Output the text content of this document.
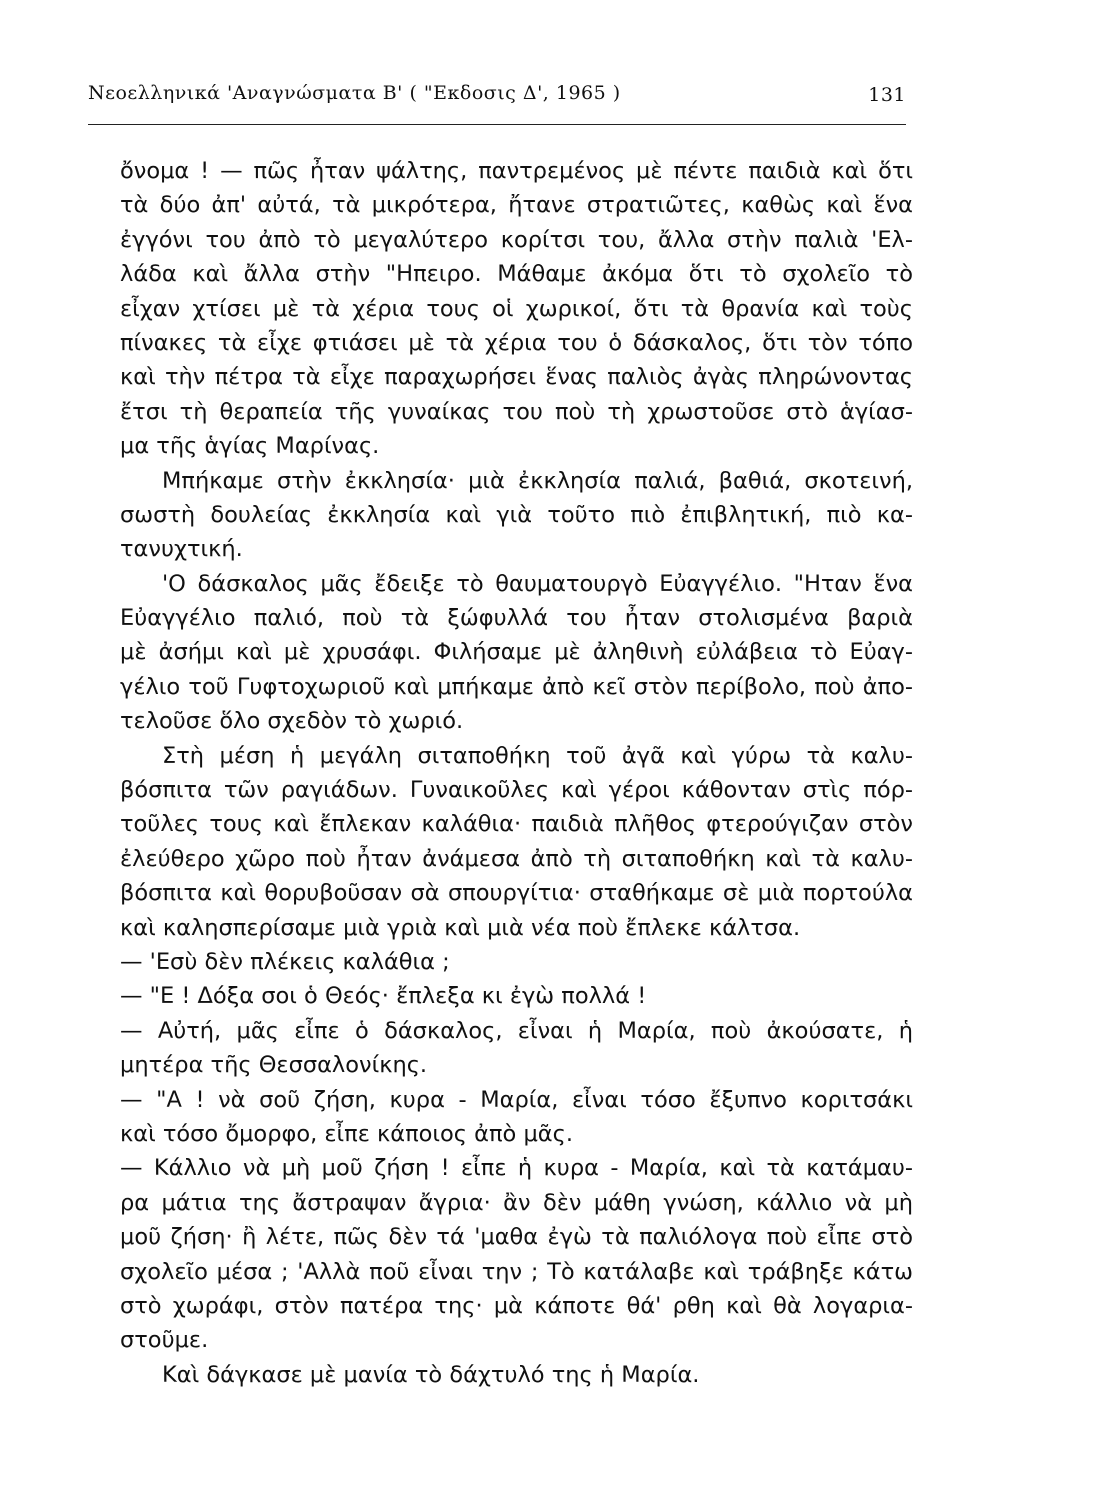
Νεοελληνικά 'Αναγνώσματα Β' ( "Εκδοσις Δ', 1965 )	131
ὄνομα ! — πῶς ἦταν ψάλτης, παντρεμένος μὲ πέντε παιδιὰ καὶ ὅτι
τὰ δύο ἀπ' αὐτά, τὰ μικρότερα, ἤτανε στρατιῶτες, καθὼς καὶ ἕνα
ἐγγόνι του ἀπὸ τὸ μεγαλύτερο κορίτσι του, ἄλλα στὴν παλιὰ 'Ελ-
λάδα καὶ ἄλλα στὴν "Ηπειρο. Μάθαμε ἀκόμα ὅτι τὸ σχολεῖο τὸ
εἶχαν χτίσει μὲ τὰ χέρια τους οἱ χωρικοί, ὅτι τὰ θρανία καὶ τοὺς
πίνακες τὰ εἶχε φτιάσει μὲ τὰ χέρια του ὁ δάσκαλος, ὅτι τὸν τόπο
καὶ τὴν πέτρα τὰ εἶχε παραχωρήσει ἕνας παλιὸς ἀγὰς πληρώνοντας
ἔτσι τὴ θεραπεία τῆς γυναίκας του ποὺ τὴ χρωστοῦσε στὸ ἁγίασ-
μα τῆς ἁγίας Μαρίνας.
Μπήκαμε στὴν ἐκκλησία· μιὰ ἐκκλησία παλιά, βαθιά, σκοτεινή,
σωστὴ δουλείας ἐκκλησία καὶ γιὰ τοῦτο πιὸ ἐπιβλητική, πιὸ κα-
τανυχτική.
'Ο δάσκαλος μᾶς ἔδειξε τὸ θαυματουργὸ Εὐαγγέλιο. "Ηταν ἕνα
Εὐαγγέλιο παλιό, ποὺ τὰ ξώφυλλά του ἦταν στολισμένα βαριὰ
μὲ ἀσήμι καὶ μὲ χρυσάφι. Φιλήσαμε μὲ ἀληθινὴ εὐλάβεια τὸ Εὐαγ-
γέλιο τοῦ Γυφτοχωριοῦ καὶ μπήκαμε ἀπὸ κεῖ στὸν περίβολο, ποὺ ἀπο-
τελοῦσε ὅλο σχεδὸν τὸ χωριό.
Στὴ μέση ἡ μεγάλη σιταποθήκη τοῦ ἀγᾶ καὶ γύρω τὰ καλυ-
βόσπιτα τῶν ραγιάδων. Γυναικοῦλες καὶ γέροι κάθονταν στὶς πόρ-
τοῦλες τους καὶ ἔπλεκαν καλάθια· παιδιὰ πλῆθος φτερούγιζαν στὸν
ἐλεύθερο χῶρο ποὺ ἦταν ἀνάμεσα ἀπὸ τὴ σιταποθήκη καὶ τὰ καλυ-
βόσπιτα καὶ θορυβοῦσαν σὰ σπουργίτια· σταθήκαμε σὲ μιὰ πορτούλα
καὶ καλησπερίσαμε μιὰ γριὰ καὶ μιὰ νέα ποὺ ἔπλεκε κάλτσα.
— 'Εσὺ δὲν πλέκεις καλάθια ;
— "Ε ! Δόξα σοι ὁ Θεός· ἔπλεξα κι ἐγὼ πολλά !
— Αὐτή, μᾶς εἶπε ὁ δάσκαλος, εἶναι ἡ Μαρία, ποὺ ἀκούσατε, ἡ
μητέρα τῆς Θεσσαλονίκης.
— "Α ! νὰ σοῦ ζήση, κυρα - Μαρία, εἶναι τόσο ἔξυπνο κοριτσάκι
καὶ τόσο ὄμορφο, εἶπε κάποιος ἀπὸ μᾶς.
— Κάλλιο νὰ μὴ μοῦ ζήση ! εἶπε ἡ κυρα - Μαρία, καὶ τὰ κατάμαυ-
ρα μάτια της ἄστραψαν ἄγρια· ἂν δὲν μάθη γνώση, κάλλιο νὰ μὴ
μοῦ ζήση· ἢ λέτε, πῶς δὲν τά 'μαθα ἐγὼ τὰ παλιόλογα ποὺ εἶπε στὸ
σχολεῖο μέσα ; 'Αλλὰ ποῦ εἶναι την ; Τὸ κατάλαβε καὶ τράβηξε κάτω
στὸ χωράφι, στὸν πατέρα της· μὰ κάποτε θά' ρθη καὶ θὰ λογαρια-
στοῦμε.
Καὶ δάγκασε μὲ μανία τὸ δάχτυλό της ἡ Μαρία.
